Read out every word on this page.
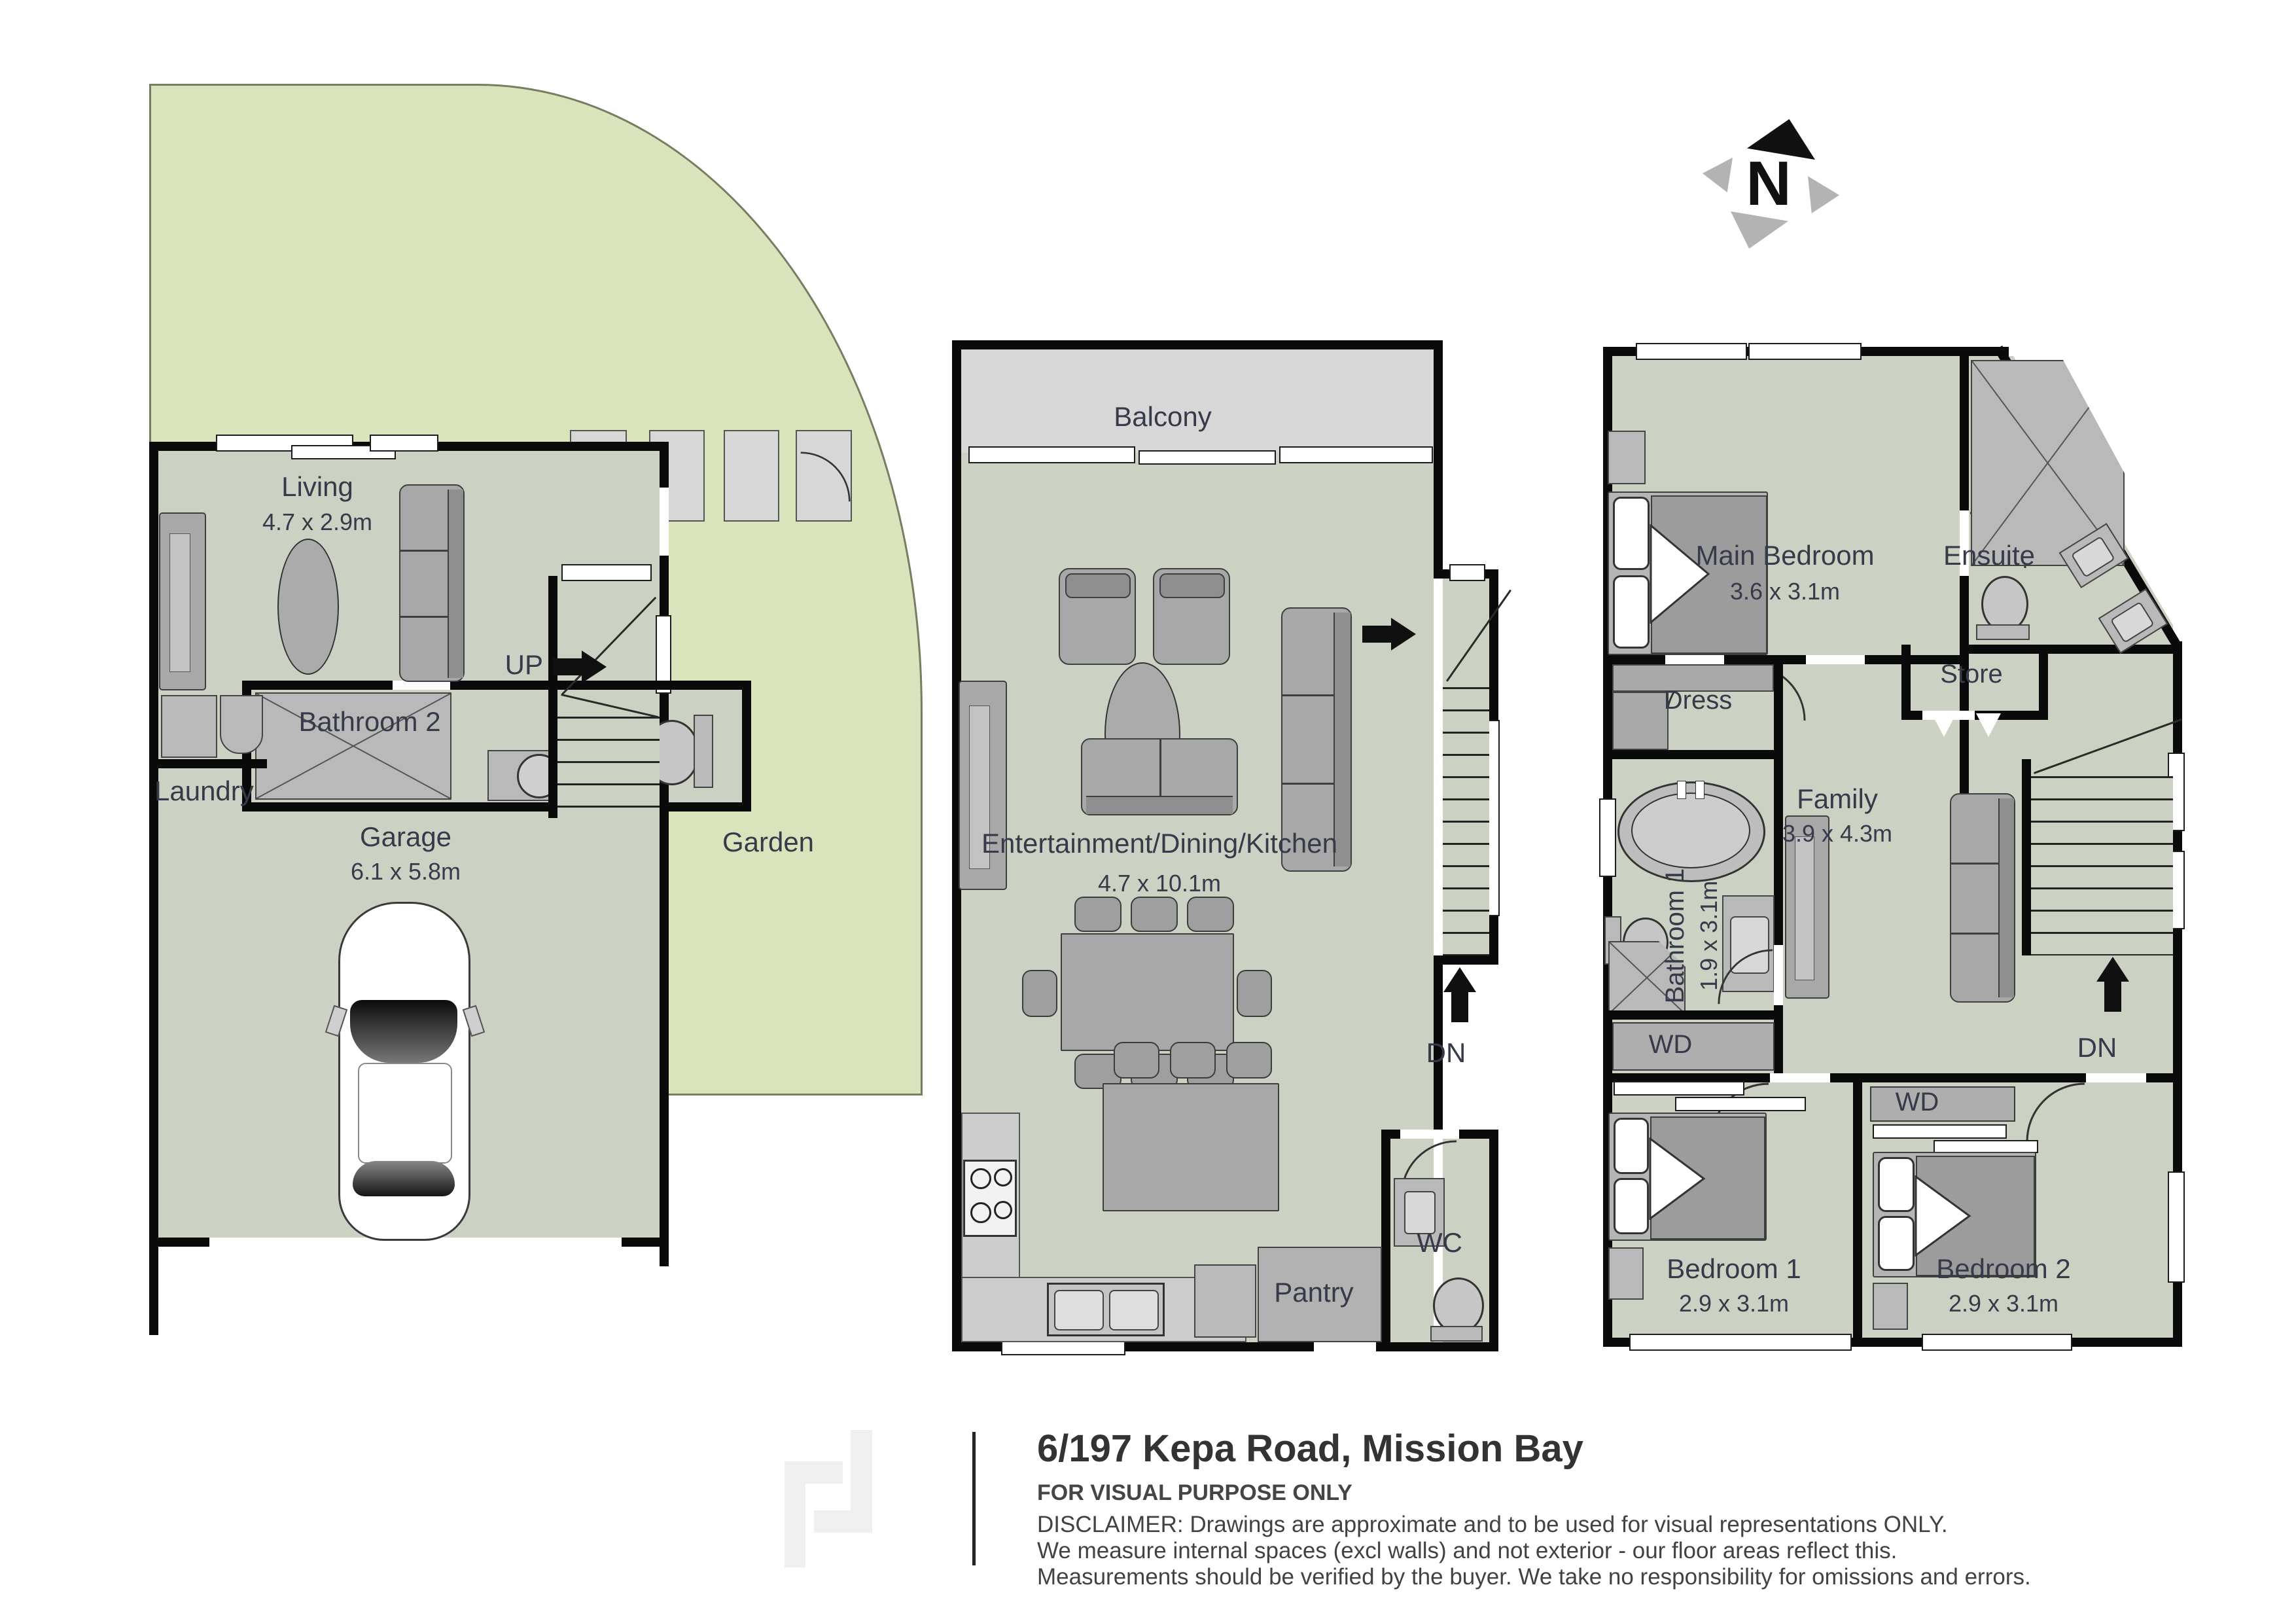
Bathroom 2
Laundry
UP
Living
4.7 x 2.9m
Garage
6.1 x 5.8m
Garden
Balcony
DN
Entertainment/Dining/Kitchen
4.7 x 10.1m
Pantry
WC
Ensuite
Main Bedroom
3.6 x 3.1m
Store
Dress
Bathroom 1 1.9 x 3.1m
WD
Family
3.9 x 4.3m
DN
Bedroom 1
2.9 x 3.1m
WD
Bedroom 2
2.9 x 3.1m
N
6/197 Kepa Road, Mission Bay
FOR VISUAL PURPOSE ONLY
DISCLAIMER: Drawings are approximate and to be used for visual representations ONLY.
We measure internal spaces (excl walls) and not exterior - our floor areas reflect this.
Measurements should be verified by the buyer. We take no responsibility for omissions and errors.
